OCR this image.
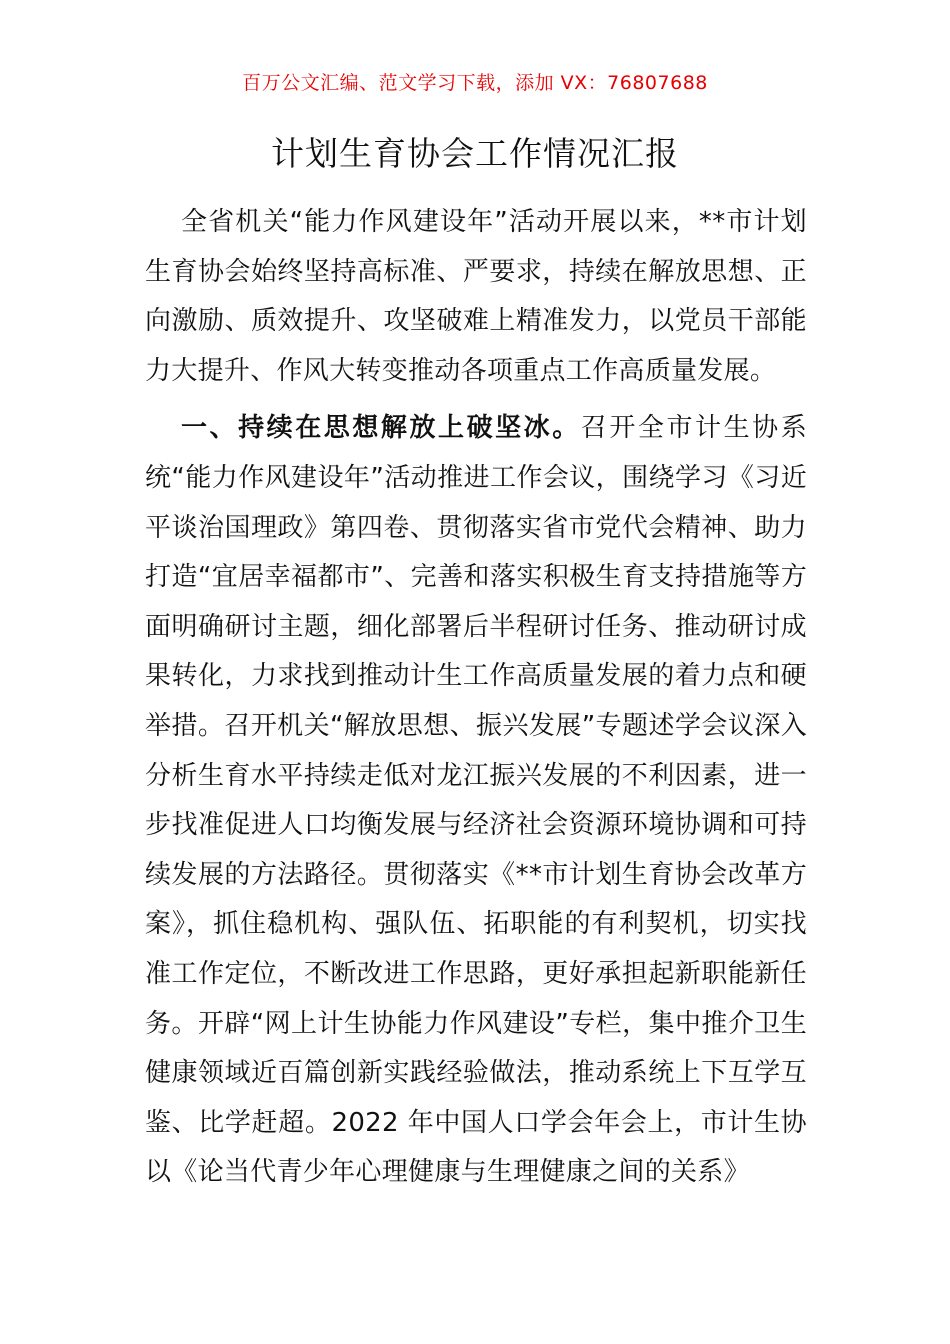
百万公文汇编、范文学习下载，添加 VX：76807688
计划生育协会工作情况汇报

全省机关“能力作风建设年”活动开展以来，**市计划生育协会始终坚持高标准、严要求，持续在解放思想、正向激励、质效提升、攻坚破难上精准发力，以党员干部能力大提升、作风大转变推动各项重点工作高质量发展。

一、持续在思想解放上破坚冰。召开全市计生协系统“能力作风建设年”活动推进工作会议，围绕学习《习近平谈治国理政》第四卷、贯彻落实省市党代会精神、助力打造“宜居幸福都市”、完善和落实积极生育支持措施等方面明确研讨主题，细化部署后半程研讨任务、推动研讨成果转化，力求找到推动计生工作高质量发展的着力点和硬举措。召开机关“解放思想、振兴发展”专题述学会议深入分析生育水平持续走低对龙江振兴发展的不利因素，进一步找准促进人口均衡发展与经济社会资源环境协调和可持续发展的方法路径。贯彻落实《**市计划生育协会改革方案》，抓住稳机构、强队伍、拓职能的有利契机，切实找准工作定位，不断改进工作思路，更好承担起新职能新任务。开辟“网上计生协能力作风建设”专栏，集中推介卫生健康领域近百篇创新实践经验做法，推动系统上下互学互鉴、比学赶超。2022 年中国人口学会年会上，市计生协以《论当代青少年心理健康与生理健康之间的关系》
